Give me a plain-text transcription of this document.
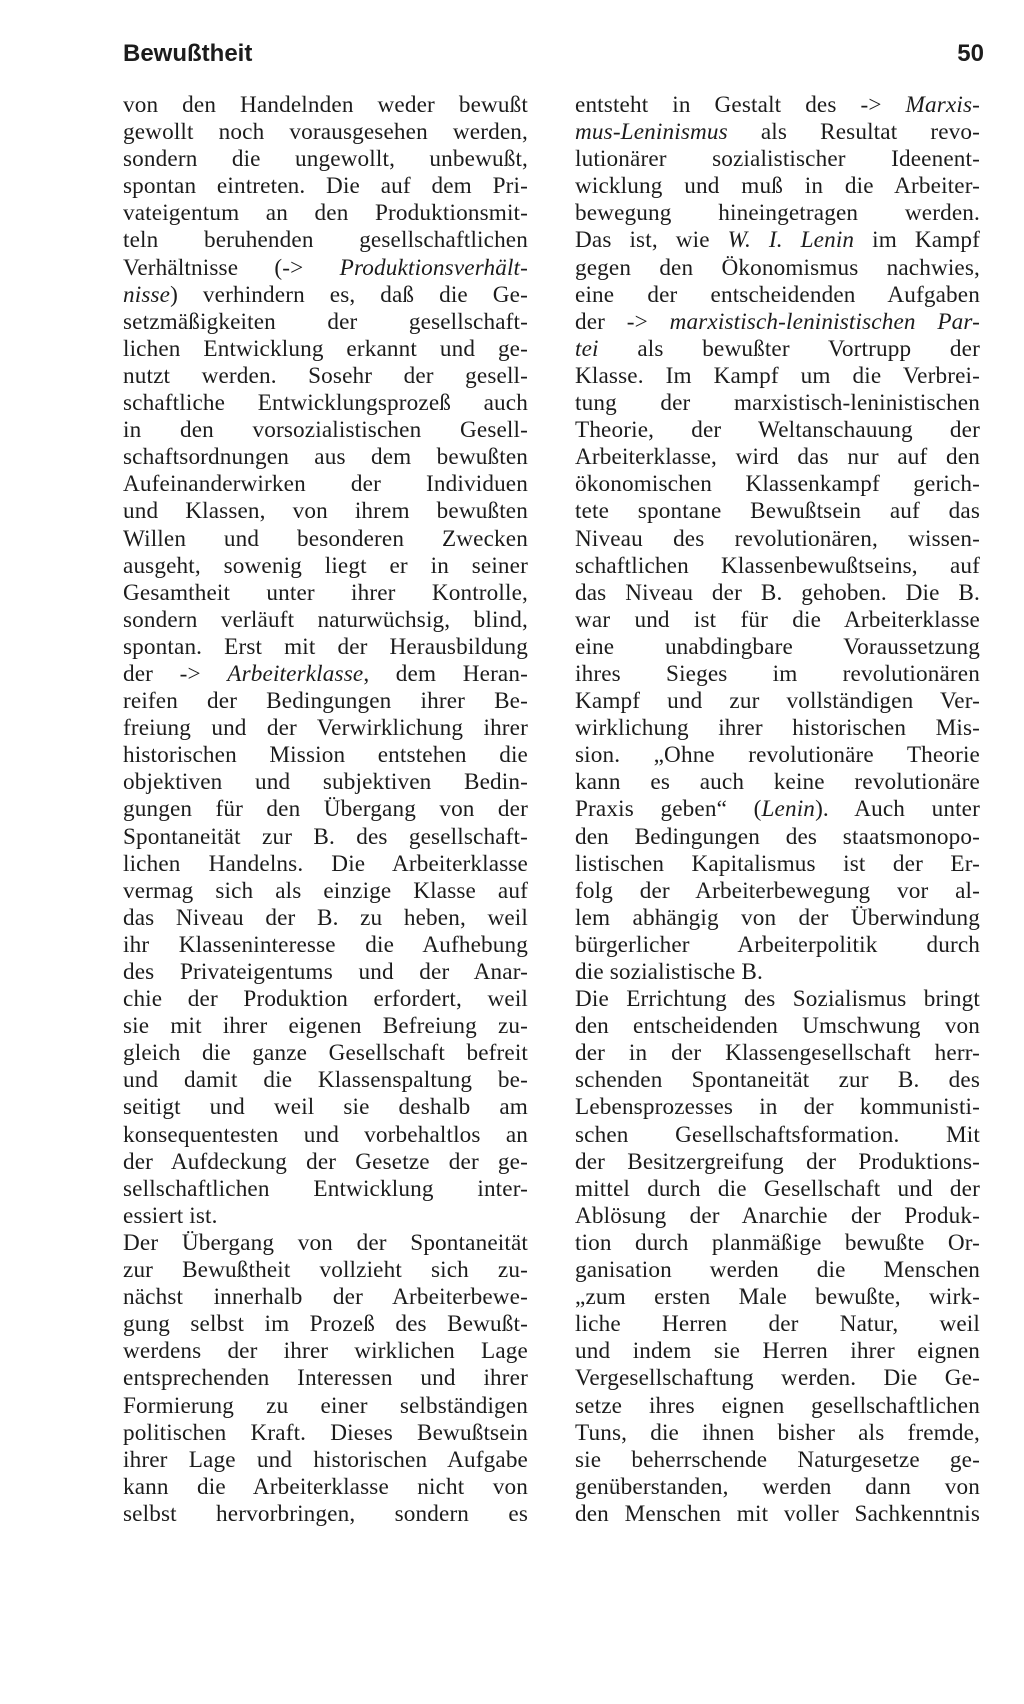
Bewußtheit	50
von den Handelnden weder bewußt
gewollt noch vorausgesehen werden,
sondern die ungewollt, unbewußt,
spontan eintreten. Die auf dem Pri-
vateigentum an den Produktionsmit-
teln beruhenden gesellschaftlichen
Verhältnisse (-> Produktionsverhält-
nisse) verhindern es, daß die Ge-
setzmäßigkeiten der gesellschaft-
lichen Entwicklung erkannt und ge-
nutzt werden. Sosehr der gesell-
schaftliche Entwicklungsprozeß auch
in den vorsozialistischen Gesell-
schaftsordnungen aus dem bewußten
Aufeinanderwirken der Individuen
und Klassen, von ihrem bewußten
Willen und besonderen Zwecken
ausgeht, sowenig liegt er in seiner
Gesamtheit unter ihrer Kontrolle,
sondern verläuft naturwüchsig, blind,
spontan. Erst mit der Herausbildung
der -> Arbeiterklasse, dem Heran-
reifen der Bedingungen ihrer Be-
freiung und der Verwirklichung ihrer
historischen Mission entstehen die
objektiven und subjektiven Bedin-
gungen für den Übergang von der
Spontaneität zur B. des gesellschaft-
lichen Handelns. Die Arbeiterklasse
vermag sich als einzige Klasse auf
das Niveau der B. zu heben, weil
ihr Klasseninteresse die Aufhebung
des Privateigentums und der Anar-
chie der Produktion erfordert, weil
sie mit ihrer eigenen Befreiung zu-
gleich die ganze Gesellschaft befreit
und damit die Klassenspaltung be-
seitigt und weil sie deshalb am
konsequentesten und vorbehaltlos an
der Aufdeckung der Gesetze der ge-
sellschaftlichen Entwicklung inter-
essiert ist.
Der Übergang von der Spontaneität
zur Bewußtheit vollzieht sich zu-
nächst innerhalb der Arbeiterbewe-
gung selbst im Prozeß des Bewußt-
werdens der ihrer wirklichen Lage
entsprechenden Interessen und ihrer
Formierung zu einer selbständigen
politischen Kraft. Dieses Bewußtsein
ihrer Lage und historischen Aufgabe
kann die Arbeiterklasse nicht von
selbst hervorbringen, sondern es
entsteht in Gestalt des -> Marxis-
mus-Leninismus als Resultat revo-
lutionärer sozialistischer Ideenent-
wicklung und muß in die Arbeiter-
bewegung hineingetragen werden.
Das ist, wie W. I. Lenin im Kampf
gegen den Ökonomismus nachwies,
eine der entscheidenden Aufgaben
der -> marxistisch-leninistischen Par-
tei als bewußter Vortrupp der
Klasse. Im Kampf um die Verbrei-
tung der marxistisch-leninistischen
Theorie, der Weltanschauung der
Arbeiterklasse, wird das nur auf den
ökonomischen Klassenkampf gerich-
tete spontane Bewußtsein auf das
Niveau des revolutionären, wissen-
schaftlichen Klassenbewußtseins, auf
das Niveau der B. gehoben. Die B.
war und ist für die Arbeiterklasse
eine unabdingbare Voraussetzung
ihres Sieges im revolutionären
Kampf und zur vollständigen Ver-
wirklichung ihrer historischen Mis-
sion. „Ohne revolutionäre Theorie
kann es auch keine revolutionäre
Praxis geben“ (Lenin). Auch unter
den Bedingungen des staatsmonopo-
listischen Kapitalismus ist der Er-
folg der Arbeiterbewegung vor al-
lem abhängig von der Überwindung
bürgerlicher Arbeiterpolitik durch
die sozialistische B.
Die Errichtung des Sozialismus bringt
den entscheidenden Umschwung von
der in der Klassengesellschaft herr-
schenden Spontaneität zur B. des
Lebensprozesses in der kommunisti-
schen Gesellschaftsformation. Mit
der Besitzergreifung der Produktions-
mittel durch die Gesellschaft und der
Ablösung der Anarchie der Produk-
tion durch planmäßige bewußte Or-
ganisation werden die Menschen
„zum ersten Male bewußte, wirk-
liche Herren der Natur, weil
und indem sie Herren ihrer eignen
Vergesellschaftung werden. Die Ge-
setze ihres eignen gesellschaftlichen
Tuns, die ihnen bisher als fremde,
sie beherrschende Naturgesetze ge-
genüberstanden, werden dann von
den Menschen mit voller Sachkenntnis
